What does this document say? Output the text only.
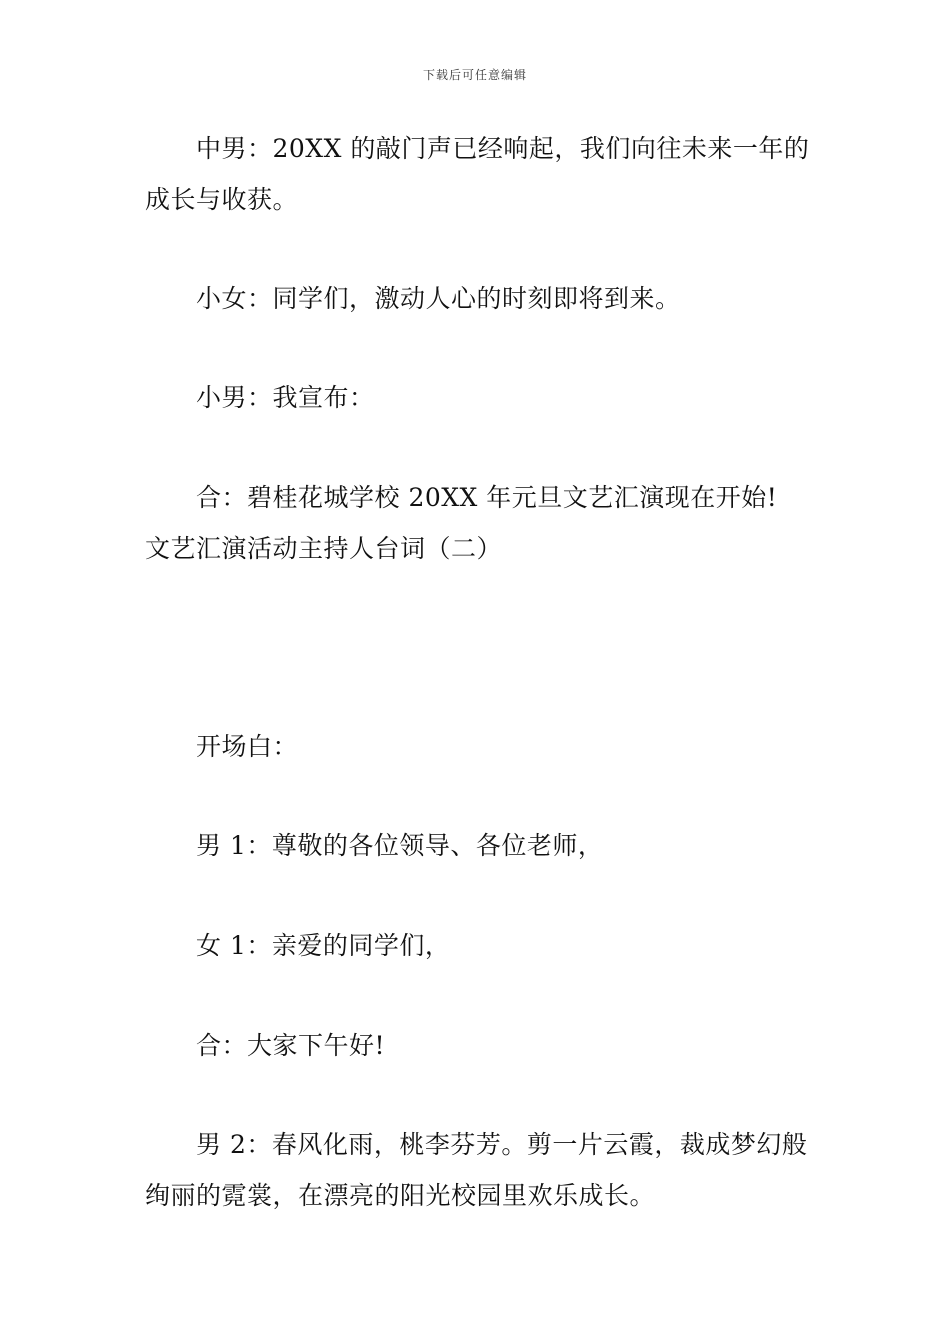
下载后可任意编辑
中男：20XX 的敲门声已经响起，我们向往未来一年的
成长与收获。
小女：同学们，激动人心的时刻即将到来。
小男：我宣布：
合：碧桂花城学校 20XX 年元旦文艺汇演现在开始!
文艺汇演活动主持人台词（二）
开场白：
男 1：尊敬的各位领导、各位老师，
女 1：亲爱的同学们，
合：大家下午好!
男 2：春风化雨，桃李芬芳。剪一片云霞，裁成梦幻般
绚丽的霓裳，在漂亮的阳光校园里欢乐成长。
